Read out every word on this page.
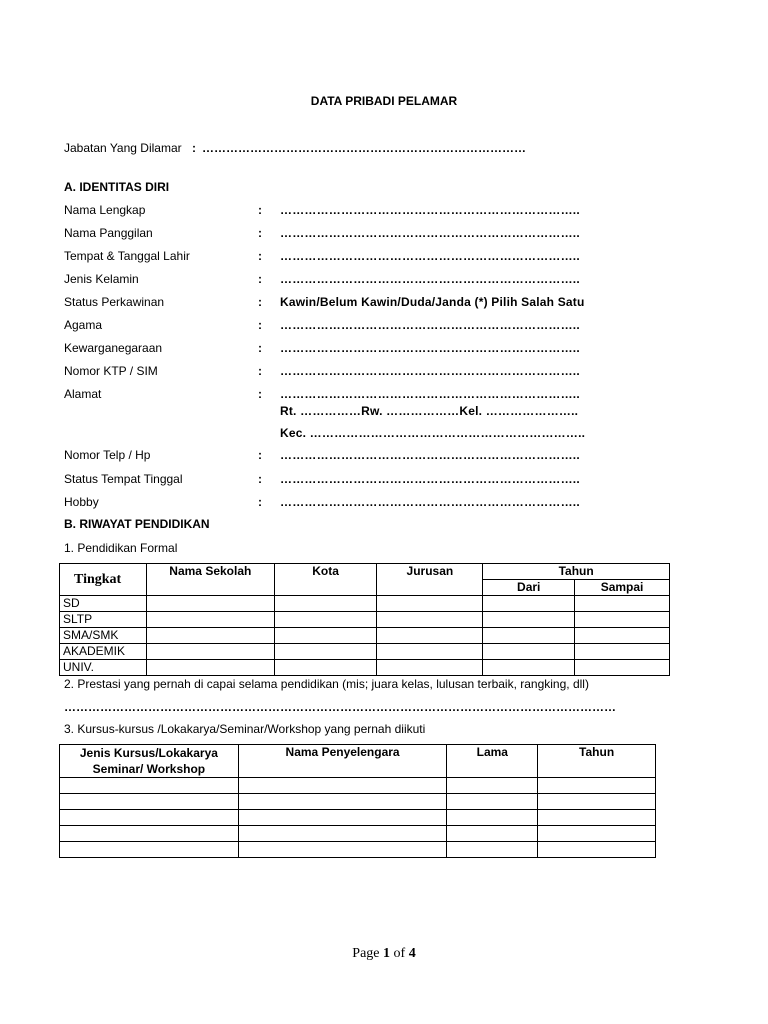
DATA PRIBADI PELAMAR
Jabatan Yang Dilamar : ………………………………………………………………………
A. IDENTITAS DIRI
Nama Lengkap	: ………………………………………………………………..
Nama Panggilan	: ………………………………………………………………..
Tempat & Tanggal Lahir	: ………………………………………………………………..
Jenis Kelamin	: ………………………………………………………………..
Status Perkawinan	: Kawin/Belum Kawin/Duda/Janda (*) Pilih Salah Satu
Agama	: ………………………………………………………………..
Kewarganegaraan	: ………………………………………………………………..
Nomor KTP / SIM	: ………………………………………………………………..
Alamat	: ………………………………………………………………..
Rt. ……………Rw. ………………Kel. …………………..
Kec. …………………………………………………………..
Nomor Telp / Hp	: ………………………………………………………………..
Status Tempat Tinggal	: ………………………………………………………………..
Hobby	: ………………………………………………………………..
B. RIWAYAT PENDIDIKAN
1. Pendidikan Formal
Tingkat	Nama Sekolah	Kota	Jurusan	Tahun	
				Dari	Sampai
SD					
SLTP					
SMA/SMK					
AKADEMIK					
UNIV.					
2. Prestasi yang pernah di capai selama pendidikan (mis; juara kelas, lulusan terbaik, rangking, dll)
…………………………………………………………………………………………………………………………
3. Kursus-kursus /Lokakarya/Seminar/Workshop yang pernah diikuti
Jenis Kursus/Lokakarya
Seminar/ Workshop	Nama Penyelengara	Lama	Tahun

Page 1 of 4
